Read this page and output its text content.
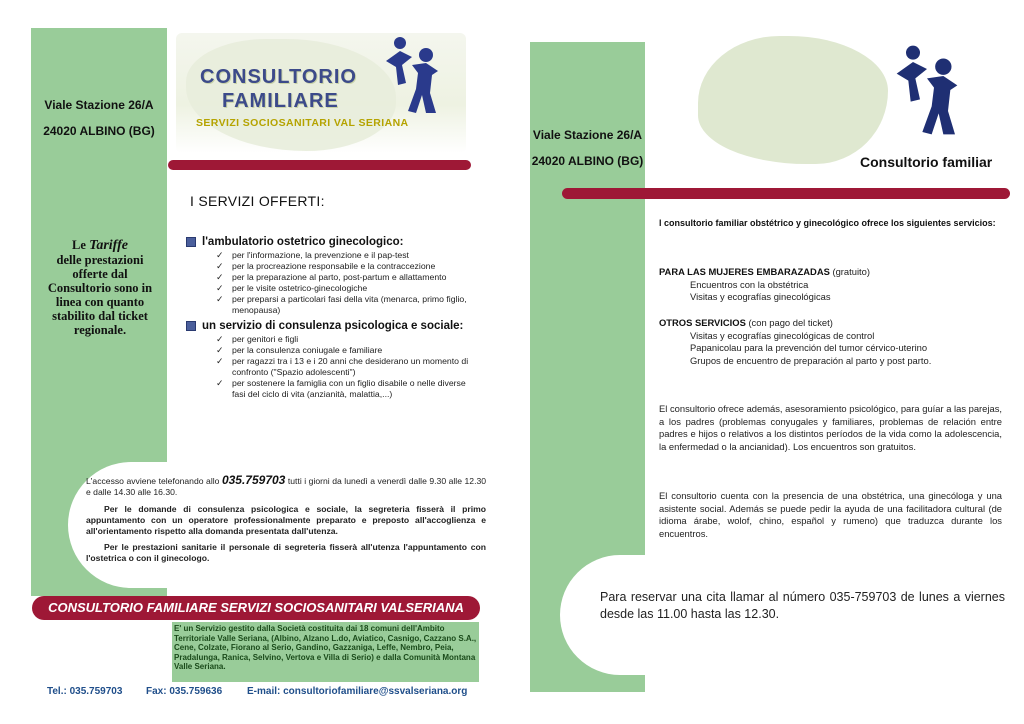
Viale Stazione 26/A
24020 ALBINO (BG)
CONSULTORIO
FAMILIARE
SERVIZI SOCIOSANITARI VAL SERIANA
Le Tariffe
delle prestazioni offerte dal Consultorio sono in linea con quanto stabilito dal ticket regionale.
I SERVIZI OFFERTI:
l'ambulatorio ostetrico ginecologico:
✓ per l'informazione, la prevenzione e il pap-test
✓ per la procreazione responsabile e la contraccezione
✓ per la preparazione al parto, post-partum e allattamento
✓ per le visite ostetrico-ginecologiche
✓ per preparsi a particolari fasi della vita (menarca, primo figlio, menopausa)
un servizio di consulenza psicologica e sociale:
✓ per genitori e figli
✓ per la consulenza coniugale e familiare
✓ per ragazzi tra i 13 e i 20 anni che desiderano un momento di confronto ("Spazio adolescenti")
✓ per sostenere la famiglia con un figlio disabile o nelle diverse fasi del ciclo di vita (anzianità, malattia,...)
L'accesso avviene telefonando allo 035.759703 tutti i giorni da lunedì a venerdì dalle 9.30 alle 12.30 e dalle 14.30 alle 16.30.
Per le domande di consulenza psicologica e sociale, la segreteria fisserà il primo appuntamento con un operatore professionalmente preparato e preposto all'accoglienza e all'orientamento rispetto alla domanda presentata dall'utenza.
Per le prestazioni sanitarie il personale di segreteria fisserà all'utenza l'appuntamento con l'ostetrica o con il ginecologo.
CONSULTORIO FAMILIARE SERVIZI SOCIOSANITARI VALSERIANA
E' un Servizio gestito dalla Società costituita dai 18 comuni dell'Ambito Territoriale Valle Seriana, (Albino, Alzano L.do, Aviatico, Casnigo, Cazzano S.A., Cene, Colzate, Fiorano al Serio, Gandino, Gazzaniga, Leffe, Nembro, Peia, Pradalunga, Ranica, Selvino, Vertova e Villa di Serio) e dalla Comunità Montana Valle Seriana.
Tel.: 035.759703 Fax: 035.759636 E-mail: consultoriofamiliare@ssvalseriana.org
Viale Stazione 26/A
24020 ALBINO (BG)	Consultorio familiar
l consultorio familiar obstétrico y ginecológico ofrece los siguientes servicios:
PARA LAS MUJERES EMBARAZADAS (gratuito)
Encuentros con la obstétrica
Visitas y ecografías ginecológicas
OTROS SERVICIOS (con pago del ticket)
Visitas y ecografías ginecológicas de control
Papanicolau para la prevención del tumor cérvico-uterino
Grupos de encuentro de preparación al parto y post parto.
El consultorio ofrece además, asesoramiento psicológico, para guíar a las parejas, a los padres (problemas conyugales y familiares, problemas de relación entre padres e hijos o relativos a los distintos períodos de la vida como la adolescencia, la enfermedad o la ancianidad). Los encuentros son gratuitos.
El consultorio cuenta con la presencia de una obstétrica, una ginecóloga y una asistente social. Además se puede pedir la ayuda de una facilitadora cultural (de idioma árabe, wolof, chino, español y rumeno) que traduzca durante los encuentros.
Para reservar una cita llamar al número 035-759703 de lunes a viernes desde las 11.00 hasta las 12.30.
